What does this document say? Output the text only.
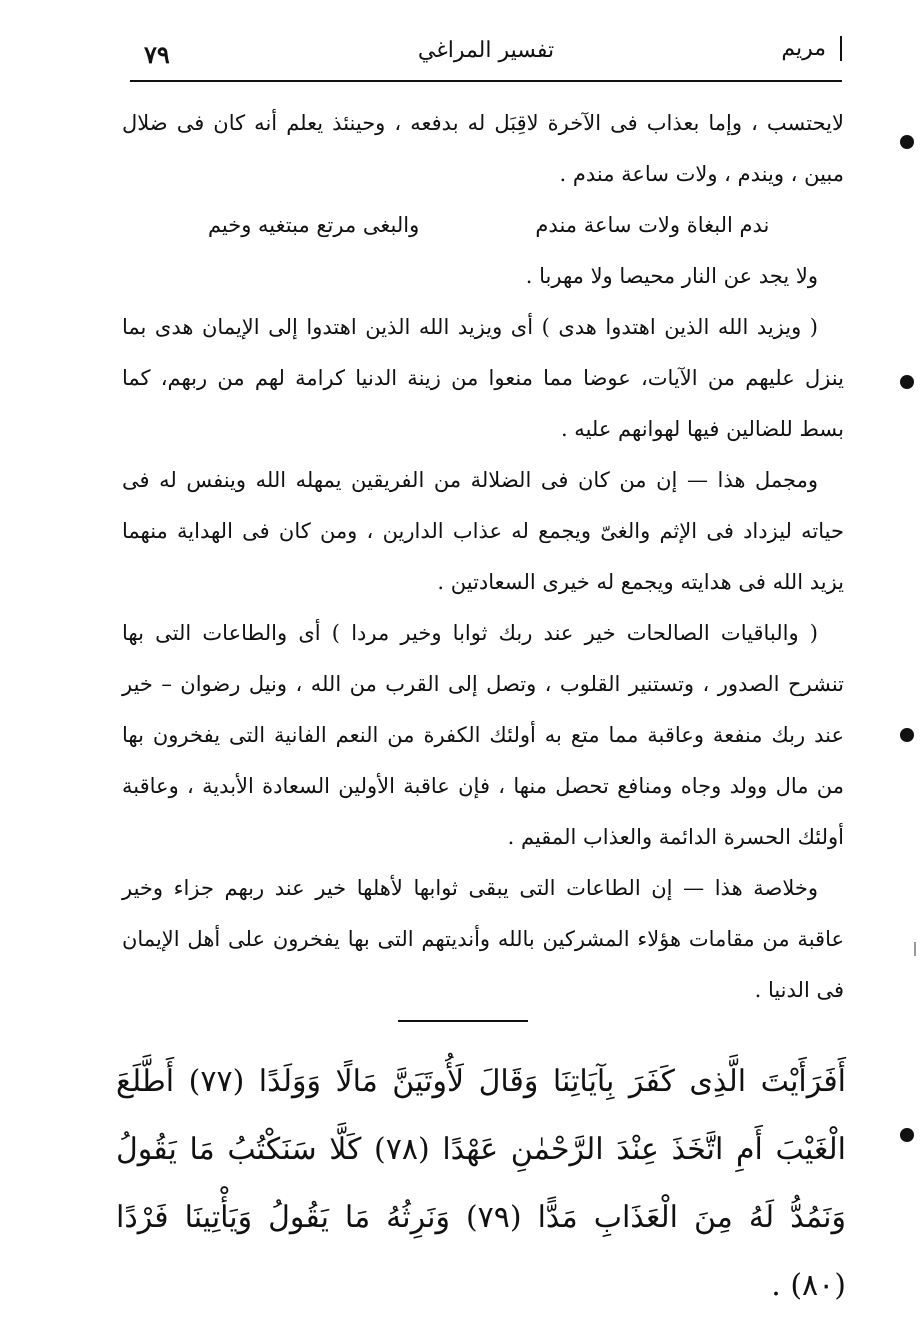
٧٩	تفسير المراغي	مريم

لايحتسب ، وإما بعذاب فى الآخرة لاقِبَل له بدفعه ، وحينئذ يعلم أنه كان فى ضلال مبين ، ويندم ، ولات ساعة مندم .

ندم البغاة ولات ساعة مندم والبغى مرتع مبتغيه وخيم

ولا يجد عن النار محيصا ولا مهربا .

( ويزيد الله الذين اهتدوا هدى ) أى ويزيد الله الذين اهتدوا إلى الإيمان هدى بما ينزل عليهم من الآيات، عوضا مما منعوا من زينة الدنيا كرامة لهم من ربهم، كما بسط للضالين فيها لهوانهم عليه .

ومجمل هذا — إن من كان فى الضلالة من الفريقين يمهله الله وينفس له فى حياته ليزداد فى الإثم والغىّ ويجمع له عذاب الدارين ، ومن كان فى الهداية منهما يزيد الله فى هدايته ويجمع له خيرى السعادتين .

( والباقيات الصالحات خير عند ربك ثوابا وخير مردا ) أى والطاعات التى بها تنشرح الصدور ، وتستنير القلوب ، وتصل إلى القرب من الله ، ونيل رضوان – خير عند ربك منفعة وعاقبة مما متع به أولئك الكفرة من النعم الفانية التى يفخرون بها من مال وولد وجاه ومنافع تحصل منها ، فإن عاقبة الأولين السعادة الأبدية ، وعاقبة أولئك الحسرة الدائمة والعذاب المقيم .

وخلاصة هذا — إن الطاعات التى يبقى ثوابها لأهلها خير عند ربهم جزاء وخير عاقبة من مقامات هؤلاء المشركين بالله وأنديتهم التى بها يفخرون على أهل الإيمان فى الدنيا .

أَفَرَأَيْتَ الَّذِى كَفَرَ بِآيَاتِنَا وَقَالَ لَأُوتَيَنَّ مَالًا وَوَلَدًا (٧٧) أَطَّلَعَ الْغَيْبَ أَمِ اتَّخَذَ عِنْدَ الرَّحْمٰنِ عَهْدًا (٧٨) كَلَّا سَنَكْتُبُ مَا يَقُولُ وَنَمُدُّ لَهُ مِنَ الْعَذَابِ مَدًّا (٧٩) وَنَرِثُهُ مَا يَقُولُ وَيَأْتِينَا فَرْدًا (٨٠) .
